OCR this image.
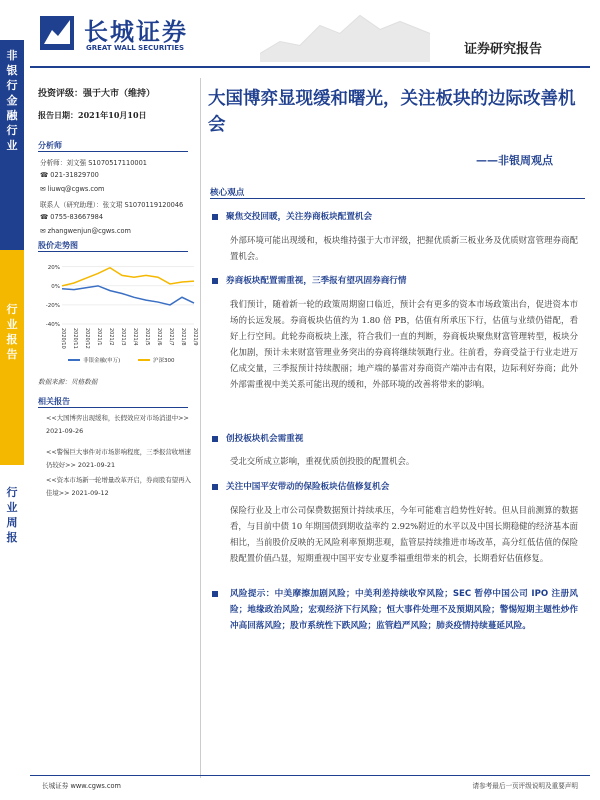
长城证券
GREAT WALL SECURITIES	证券研究报告
非
银
行
金
融
行
业
行
业
报
告
行
业
周
报
投资评级：强于大市（维持）
报告日期：2021年10月10日
分析师
分析师：刘文强 S1070517110001
☎ 021-31829700
✉ liuwq@cgws.com
联系人（研究助理）：张文珺 S1070119120046
☎ 0755-83667984
✉ zhangwenjun@cgws.com
股价走势图
20%
0%
-20%
-40%
2020/10 2020/11 2020/12 2021/1 2021/2 2021/3 2021/4 2021/5 2021/6 2021/7 2021/8 2021/9
非银金融(申万)	沪深300
数据来源：贝格数据
相关报告
<<大国博弈出现缓和，长假效应对市场消退中>> 2021-09-26
<<警惕巨大事件对市场影响程度，三季报营收增速仍较好>> 2021-09-21
<<资本市场新一轮增量改革开启，券商股有望再入佳境>> 2021-09-12
大国博弈显现缓和曙光，关注板块的边际改善机会
——非银周观点
核心观点
聚焦交投回暖，关注券商板块配置机会
外部环境可能出现缓和，板块维持强于大市评级，把握优质新三板业务及优质财富管理券商配置机会。
券商板块配置需重视，三季报有望巩固券商行情
我们预计，随着新一轮的政策周期窗口临近，预计会有更多的资本市场政策出台，促进资本市场的长远发展。券商板块估值约为 1.80 倍 PB，估值有所承压下行，估值与业绩仍错配，看好上行空间。此轮券商板块上涨，符合我们一直的判断，券商板块聚焦财富管理转型，板块分化加剧，预计未来财富管理业务突出的券商将继续领跑行业。往前看，券商受益于行业走进万亿成交量，三季报预计持续靓丽；地产端的暴雷对券商资产端冲击有限，边际利好券商；此外外部需重视中美关系可能出现的缓和，外部环境的改善将带来的影响。
创投板块机会需重视
受北交所成立影响，重视优质创投股的配置机会。
关注中国平安带动的保险板块估值修复机会
保险行业及上市公司保费数据预计持续承压，今年可能难言趋势性好转。但从目前测算的数据看，与目前中债 10 年期国债到期收益率约 2.92%附近的水平以及中国长期稳健的经济基本面相比，当前股价反映的无风险利率预期悲观，监管层持续推进市场改革，高分红低估值的保险股配置价值凸显，短期重视中国平安专业夏季福重组带来的机会，长期看好估值修复。
风险提示：中美摩擦加剧风险；中美利差持续收窄风险；SEC 暂停中国公司 IPO 注册风险；地缘政治风险；宏观经济下行风险；恒大事件处理不及预期风险；警惕短期主题性炒作冲高回落风险；股市系统性下跌风险；监管趋严风险；肺炎疫情持续蔓延风险。
长城证券 www.cgws.com	请参考最后一页评级说明及重要声明
